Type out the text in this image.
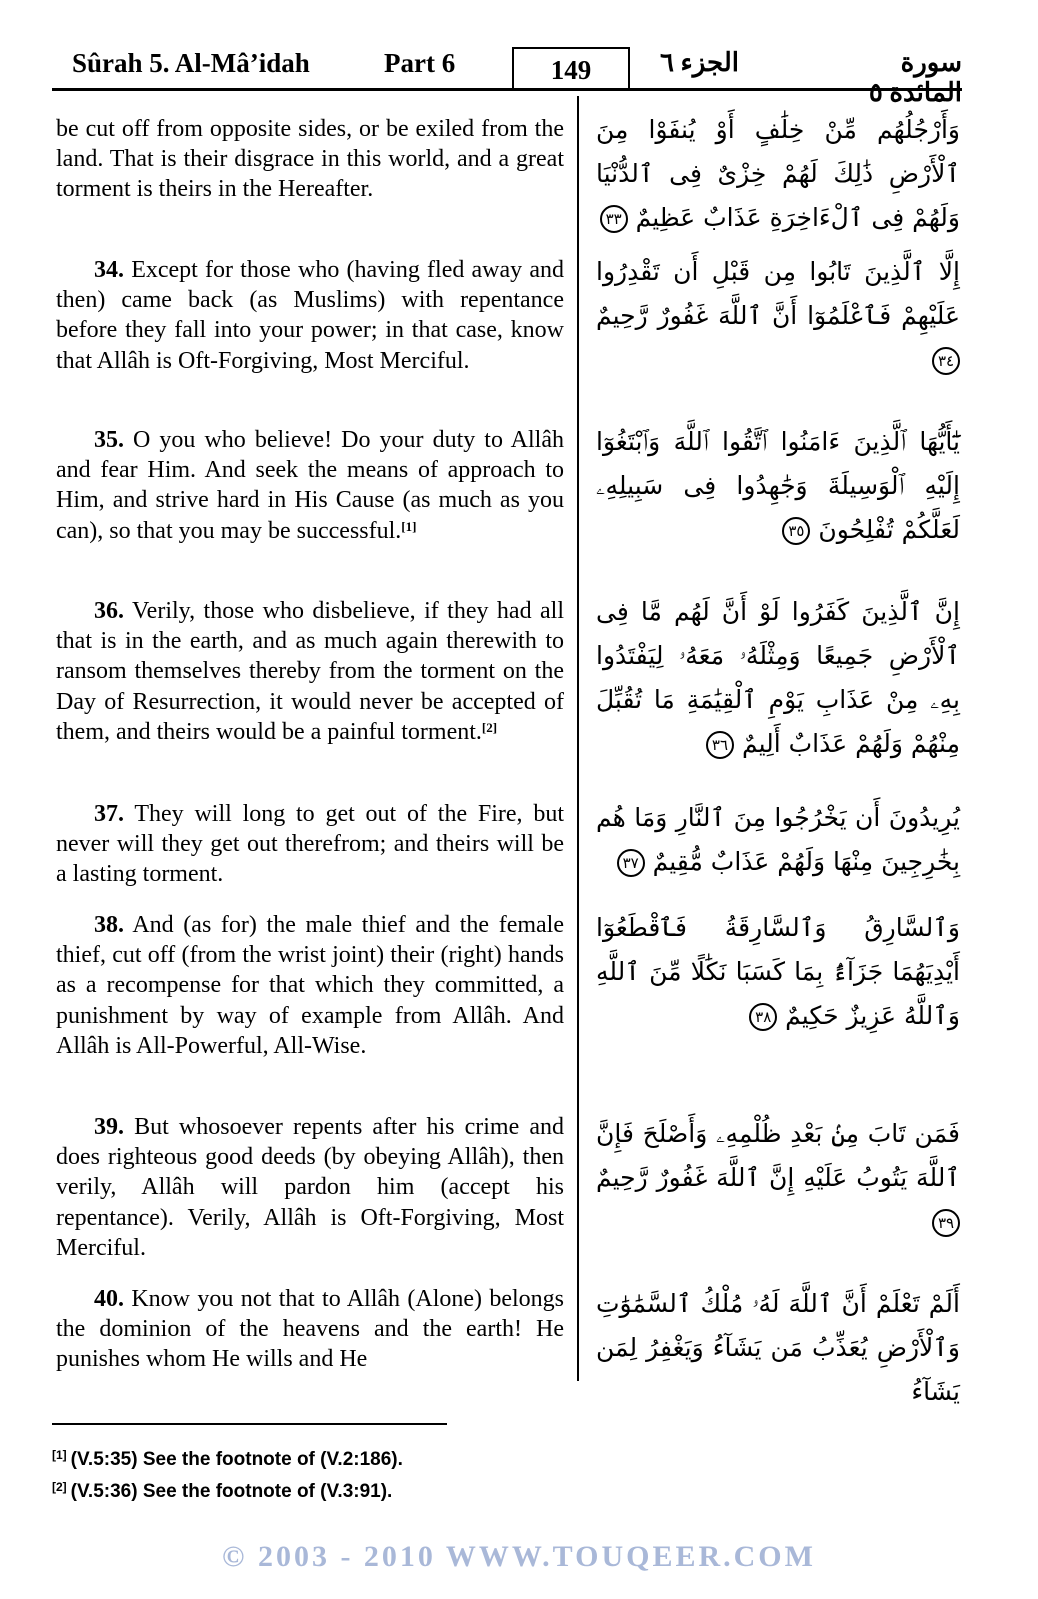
Sûrah 5. Al-Mâ’idah	Part 6	149	الجزء ٦	سورة المائدة ٥
be cut off from opposite sides, or be exiled from the land. That is their disgrace in this world, and a great torment is theirs in the Hereafter.
34. Except for those who (having fled away and then) came back (as Muslims) with repentance before they fall into your power; in that case, know that Allâh is Oft-Forgiving, Most Merciful.
35. O you who believe! Do your duty to Allâh and fear Him. And seek the means of approach to Him, and strive hard in His Cause (as much as you can), so that you may be successful.[1]
36. Verily, those who disbelieve, if they had all that is in the earth, and as much again therewith to ransom themselves thereby from the torment on the Day of Resurrection, it would never be accepted of them, and theirs would be a painful torment.[2]
37. They will long to get out of the Fire, but never will they get out therefrom; and theirs will be a lasting torment.
38. And (as for) the male thief and the female thief, cut off (from the wrist joint) their (right) hands as a recompense for that which they committed, a punishment by way of example from Allâh. And Allâh is All-Powerful, All-Wise.
39. But whosoever repents after his crime and does righteous good deeds (by obeying Allâh), then verily, Allâh will pardon him (accept his repentance). Verily, Allâh is Oft-Forgiving, Most Merciful.
40. Know you not that to Allâh (Alone) belongs the dominion of the heavens and the earth! He punishes whom He wills and He
وَأَرْجُلُهُم مِّنْ خِلَٰفٍ أَوْ يُنفَوْا مِنَ ٱلْأَرْضِ ذَٰلِكَ لَهُمْ خِزْىٌ فِى ٱلدُّنْيَا وَلَهُمْ فِى ٱلْءَاخِرَةِ عَذَابٌ عَظِيمٌ ٣٣
إِلَّا ٱلَّذِينَ تَابُوا مِن قَبْلِ أَن تَقْدِرُوا عَلَيْهِمْ فَٱعْلَمُوٓا أَنَّ ٱللَّهَ غَفُورٌ رَّحِيمٌ ٣٤
يَٰٓأَيُّهَا ٱلَّذِينَ ءَامَنُوا ٱتَّقُوا ٱللَّهَ وَٱبْتَغُوٓا إِلَيْهِ ٱلْوَسِيلَةَ وَجَٰهِدُوا فِى سَبِيلِهِۦ لَعَلَّكُمْ تُفْلِحُونَ ٣٥
إِنَّ ٱلَّذِينَ كَفَرُوا لَوْ أَنَّ لَهُم مَّا فِى ٱلْأَرْضِ جَمِيعًا وَمِثْلَهُۥ مَعَهُۥ لِيَفْتَدُوا بِهِۦ مِنْ عَذَابِ يَوْمِ ٱلْقِيَٰمَةِ مَا تُقُبِّلَ مِنْهُمْ وَلَهُمْ عَذَابٌ أَلِيمٌ ٣٦
يُرِيدُونَ أَن يَخْرُجُوا مِنَ ٱلنَّارِ وَمَا هُم بِخَٰرِجِينَ مِنْهَا وَلَهُمْ عَذَابٌ مُّقِيمٌ ٣٧
وَٱلسَّارِقُ وَٱلسَّارِقَةُ فَٱقْطَعُوٓا أَيْدِيَهُمَا جَزَآءًۢ بِمَا كَسَبَا نَكَٰلًا مِّنَ ٱللَّهِ وَٱللَّهُ عَزِيزٌ حَكِيمٌ ٣٨
فَمَن تَابَ مِنۢ بَعْدِ ظُلْمِهِۦ وَأَصْلَحَ فَإِنَّ ٱللَّهَ يَتُوبُ عَلَيْهِ إِنَّ ٱللَّهَ غَفُورٌ رَّحِيمٌ ٣٩
أَلَمْ تَعْلَمْ أَنَّ ٱللَّهَ لَهُۥ مُلْكُ ٱلسَّمَٰوَٰتِ وَٱلْأَرْضِ يُعَذِّبُ مَن يَشَآءُ وَيَغْفِرُ لِمَن يَشَآءُ
[1] (V.5:35) See the footnote of (V.2:186).
[2] (V.5:36) See the footnote of (V.3:91).
© 2003 - 2010 WWW.TOUQEER.COM
